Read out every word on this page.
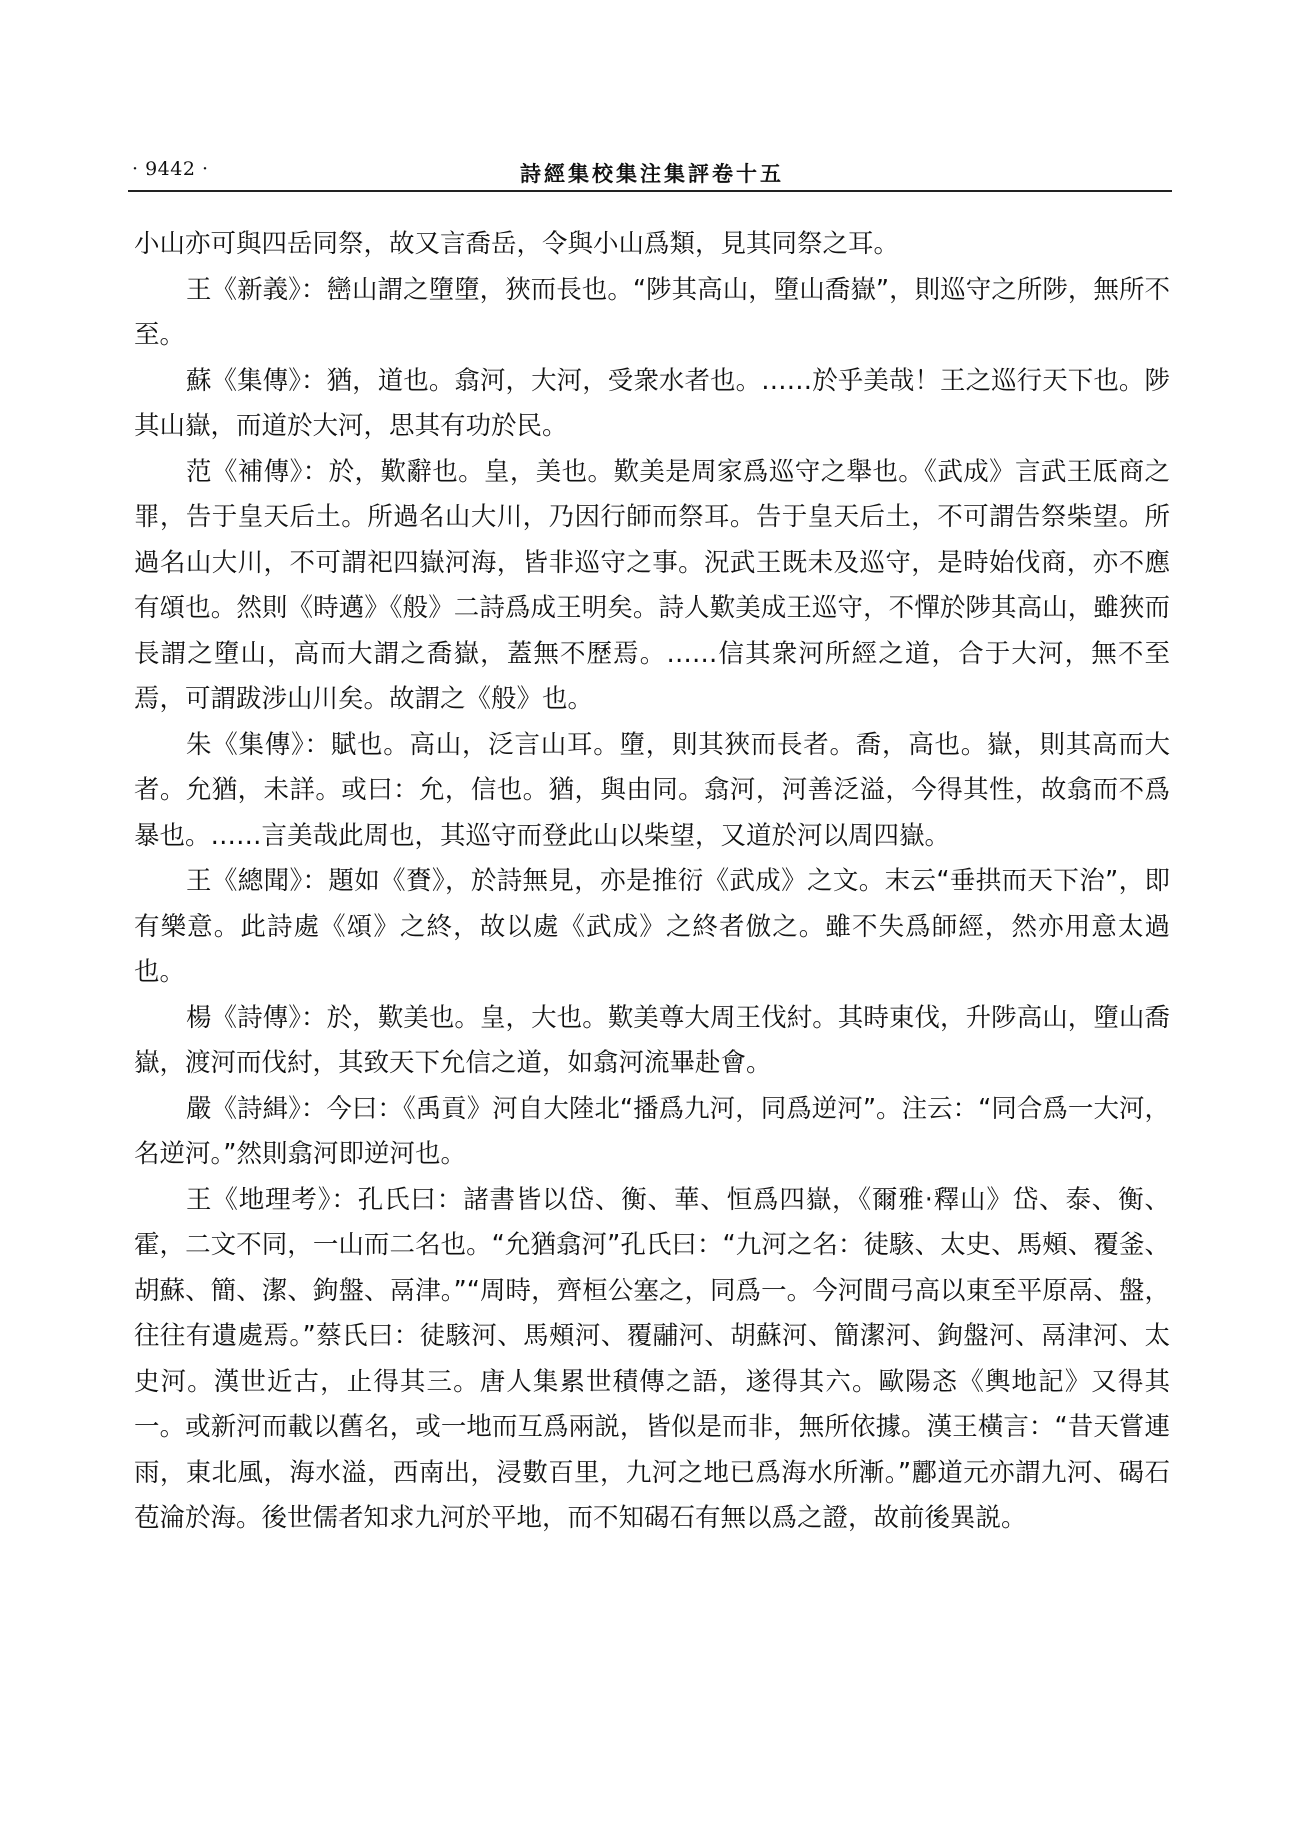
· 9442 ·	詩經集校集注集評卷十五

小山亦可與四岳同祭，故又言喬岳，令與小山爲類，見其同祭之耳。

王《新義》：巒山謂之墮墮，狹而長也。“陟其高山，墮山喬嶽”，則巡守之所陟，無所不至。

蘇《集傳》：猶，道也。翕河，大河，受衆水者也。……於乎美哉！王之巡行天下也。陟其山嶽，而道於大河，思其有功於民。

范《補傳》：於，歎辭也。皇，美也。歎美是周家爲巡守之舉也。《武成》言武王厎商之罪，告于皇天后土。所過名山大川，乃因行師而祭耳。告于皇天后土，不可謂告祭柴望。所過名山大川，不可謂祀四嶽河海，皆非巡守之事。況武王既未及巡守，是時始伐商，亦不應有頌也。然則《時邁》《般》二詩爲成王明矣。詩人歎美成王巡守，不憚於陟其高山，雖狹而長謂之墮山，高而大謂之喬嶽，蓋無不歷焉。……信其衆河所經之道，合于大河，無不至焉，可謂跋涉山川矣。故謂之《般》也。

朱《集傳》：賦也。高山，泛言山耳。墮，則其狹而長者。喬，高也。嶽，則其高而大者。允猶，未詳。或曰：允，信也。猶，與由同。翕河，河善泛溢，今得其性，故翕而不爲暴也。……言美哉此周也，其巡守而登此山以柴望，又道於河以周四嶽。

王《總聞》：題如《賚》，於詩無見，亦是推衍《武成》之文。末云“垂拱而天下治”，即有樂意。此詩處《頌》之終，故以處《武成》之終者倣之。雖不失爲師經，然亦用意太過也。

楊《詩傳》：於，歎美也。皇，大也。歎美尊大周王伐紂。其時東伐，升陟高山，墮山喬嶽，渡河而伐紂，其致天下允信之道，如翕河流畢赴會。

嚴《詩緝》：今曰：《禹貢》河自大陸北“播爲九河，同爲逆河”。注云：“同合爲一大河，名逆河。”然則翕河即逆河也。

王《地理考》：孔氏曰：諸書皆以岱、衡、華、恒爲四嶽，《爾雅·釋山》岱、泰、衡、霍，二文不同，一山而二名也。“允猶翕河”孔氏曰：“九河之名：徒駭、太史、馬頰、覆釜、胡蘇、簡、潔、鉤盤、鬲津。”“周時，齊桓公塞之，同爲一。今河間弓高以東至平原鬲、盤，往往有遺處焉。”蔡氏曰：徒駭河、馬頰河、覆鬴河、胡蘇河、簡潔河、鉤盤河、鬲津河、太史河。漢世近古，止得其三。唐人集累世積傳之語，遂得其六。歐陽忞《輿地記》又得其一。或新河而載以舊名，或一地而互爲兩説，皆似是而非，無所依據。漢王橫言：“昔天嘗連雨，東北風，海水溢，西南出，浸數百里，九河之地已爲海水所漸。”酈道元亦謂九河、碣石苞淪於海。後世儒者知求九河於平地，而不知碣石有無以爲之證，故前後異説。
